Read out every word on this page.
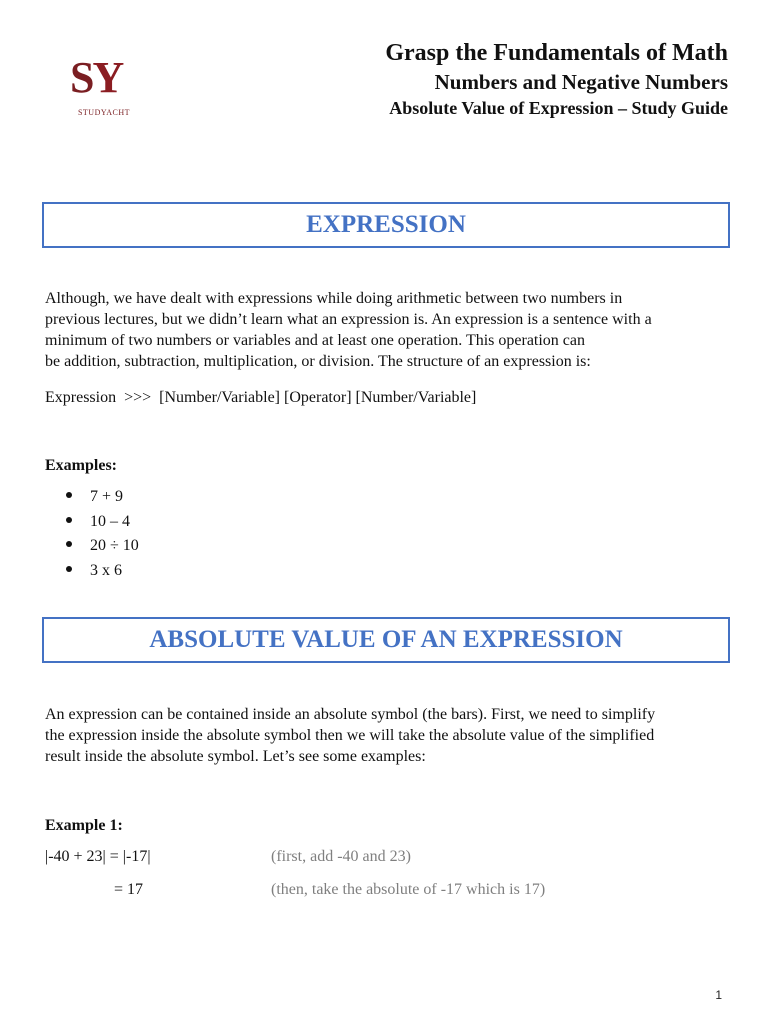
SY
STUDYACHT
Grasp the Fundamentals of Math
Numbers and Negative Numbers
Absolute Value of Expression – Study Guide
EXPRESSION
Although, we have dealt with expressions while doing arithmetic between two numbers in
previous lectures, but we didn’t learn what an expression is. An expression is a sentence with a
minimum of two numbers or variables and at least one operation. This operation can
be addition, subtraction, multiplication, or division. The structure of an expression is:
Expression  >>>  [Number/Variable] [Operator] [Number/Variable]
Examples:
7 + 9
10 – 4
20 ÷ 10
3 x 6
ABSOLUTE VALUE OF AN EXPRESSION
An expression can be contained inside an absolute symbol (the bars). First, we need to simplify
the expression inside the absolute symbol then we will take the absolute value of the simplified
result inside the absolute symbol. Let’s see some examples:
Example 1:
|-40 + 23| = |-17|	(first, add -40 and 23)
= 17	(then, take the absolute of -17 which is 17)
1
